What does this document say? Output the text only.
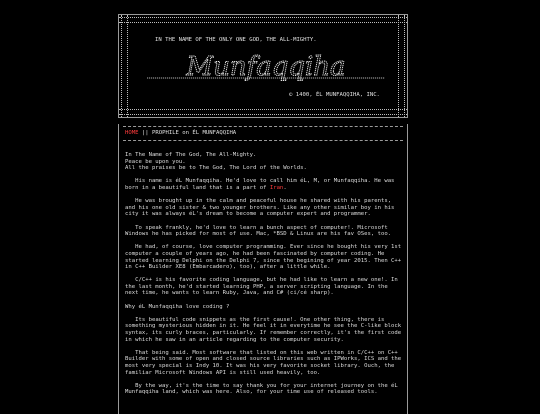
IN THE NAME OF THE ONLY ONE GOD, THE ALL-MIGHTY.
Munfaqqiha
© 1400, ÉL MUNFAQQIHA, INC.
HOME || PROPHILE on ÉL MUNFAQQIHA

In The Name of The God, The All-Mighty.
Peace be upon you.
All the praises be to The God, The Lord of the Worlds.

His name is éL Munfaqqiha. He'd love to call him éL, M, or Munfaqqiha. He was born in a beautiful land that is a part of Iran.

He was brought up in the calm and peaceful house he shared with his parents, and his one old sister & two younger brothers. Like any other similar boy in his city it was always éL's dream to become a computer expert and programmer.

To speak frankly, he'd love to learn a bunch aspect of computer!. Microsoft Windows he has picked for most of use. Mac, *BSD & Linux are his fav OSes, too.

He had, of course, love computer programming. Ever since he bought his very 1st computer a couple of years ago, he had been fascinated by computer coding. He started learning Delphi on the Delphi 7, since the begining of year 2015. Then C++ in C++ Builder XE8 (Embarcadero), too), after a little while.

C/C++ is his favorite coding language, but he had like to learn a new one!. In the last month, he'd started learning PHP, a server scripting language. In the next time, he wants to learn Ruby, Java, and C# (ci/cé sharp).

Why éL Munfaqqiha love coding ?

Its beautiful code snippets as the first cause!. One other thing, there is something mysterious hidden in it. He feel it in everytime he see the C-like block syntax, its curly braces, particularly. If remember correctly, it's the first code in which he saw in an article regarding to the computer security.

That being said. Most software that listed on this web written in C/C++ on C++ Builder with some of open and closed source libraries such as IPWorks, ICS and the most very special is Indy 10. It was his very favorite socket library. Ouch, the familiar Microsoft Windows API is still used heavily, too.

By the way, it's the time to say thank you for your internet journey on the éL Munfaqqiha land, which was here. Also, for your time use of released tools.
